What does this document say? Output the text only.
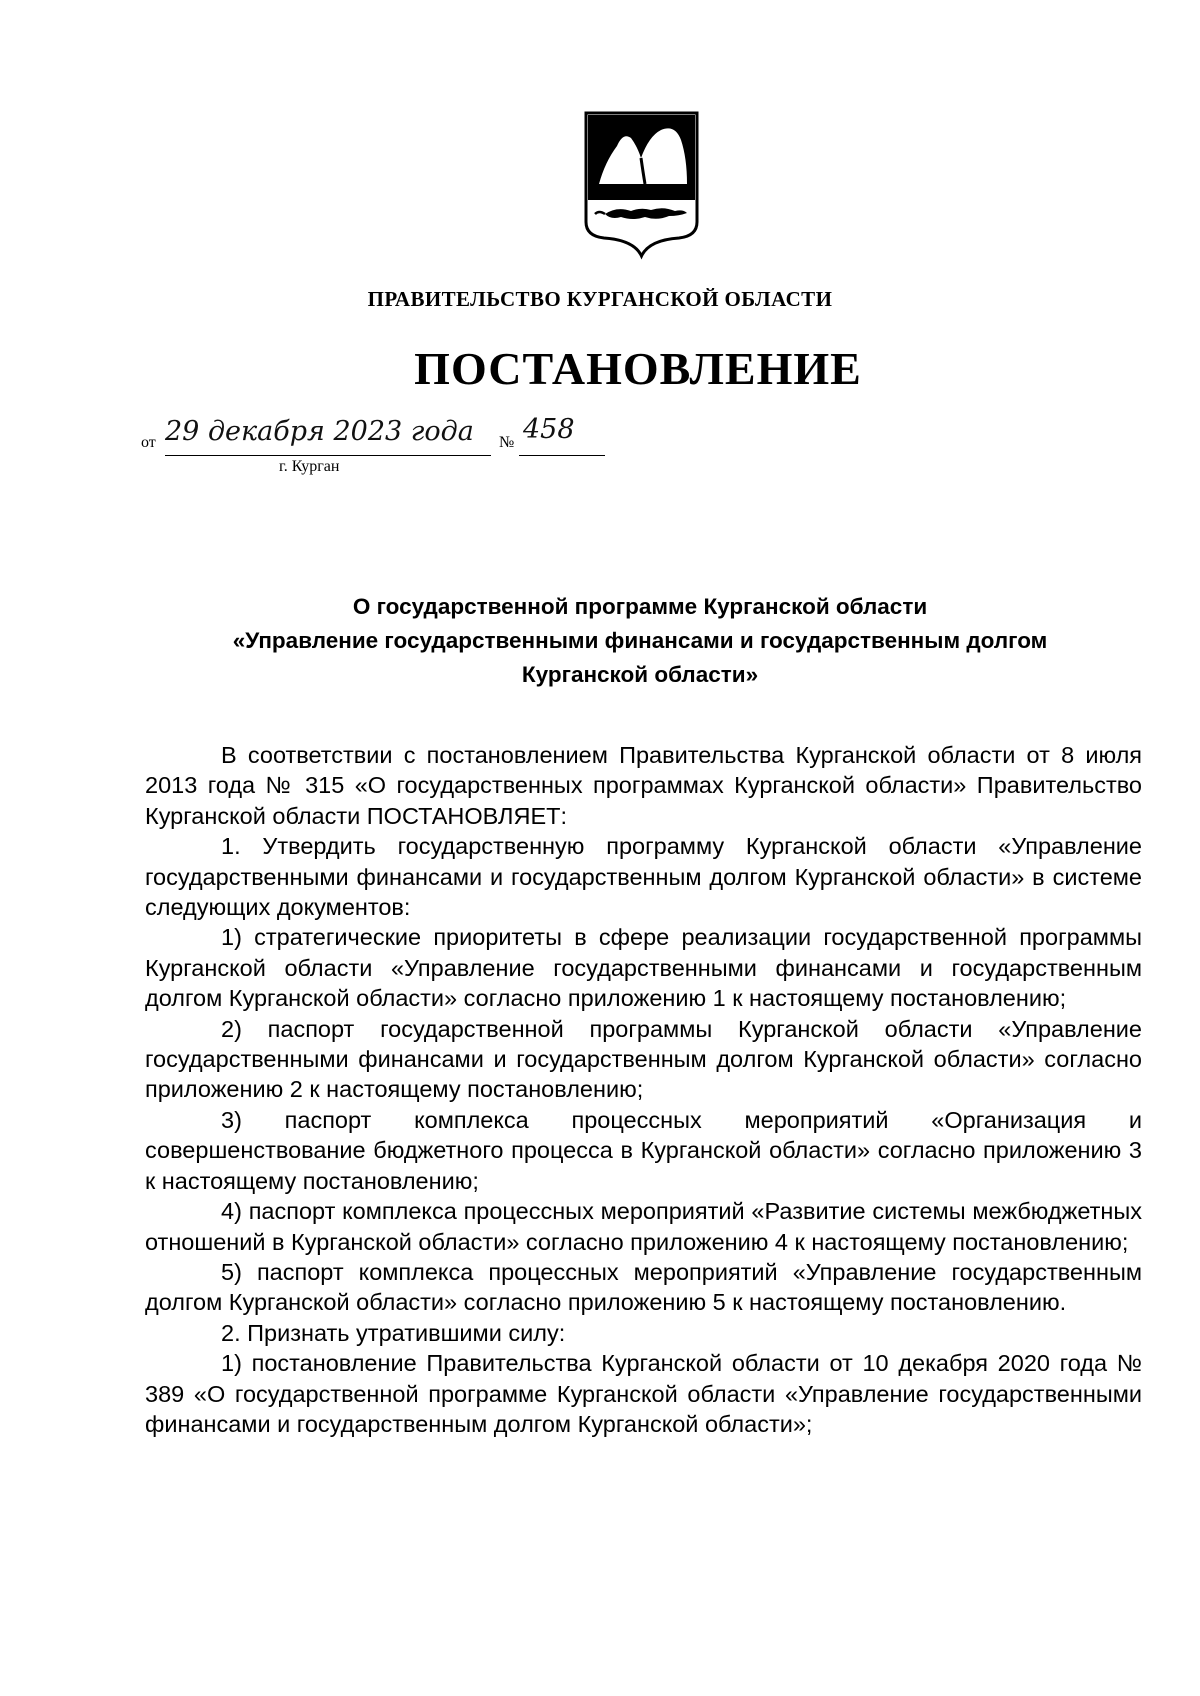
ПРАВИТЕЛЬСТВО КУРГАНСКОЙ ОБЛАСТИ
ПОСТАНОВЛЕНИЕ
от 29 декабря 2023 года № 458
г. Курган
О государственной программе Курганской области
«Управление государственными финансами и государственным долгом
Курганской области»

В соответствии с постановлением Правительства Курганской области от 8 июля 2013 года № 315 «О государственных программах Курганской области» Правительство Курганской области ПОСТАНОВЛЯЕТ:

1. Утвердить государственную программу Курганской области «Управление государственными финансами и государственным долгом Курганской области» в системе следующих документов:

1) стратегические приоритеты в сфере реализации государственной программы Курганской области «Управление государственными финансами и государственным долгом Курганской области» согласно приложению 1 к настоящему постановлению;

2) паспорт государственной программы Курганской области «Управление государственными финансами и государственным долгом Курганской области» согласно приложению 2 к настоящему постановлению;

3) паспорт комплекса процессных мероприятий «Организация и совершенствование бюджетного процесса в Курганской области» согласно приложению 3 к настоящему постановлению;

4) паспорт комплекса процессных мероприятий «Развитие системы межбюджетных отношений в Курганской области» согласно приложению 4 к настоящему постановлению;

5) паспорт комплекса процессных мероприятий «Управление государственным долгом Курганской области» согласно приложению 5 к настоящему постановлению.

2. Признать утратившими силу:

1) постановление Правительства Курганской области от 10 декабря 2020 года № 389 «О государственной программе Курганской области «Управление государственными финансами и государственным долгом Курганской области»;
